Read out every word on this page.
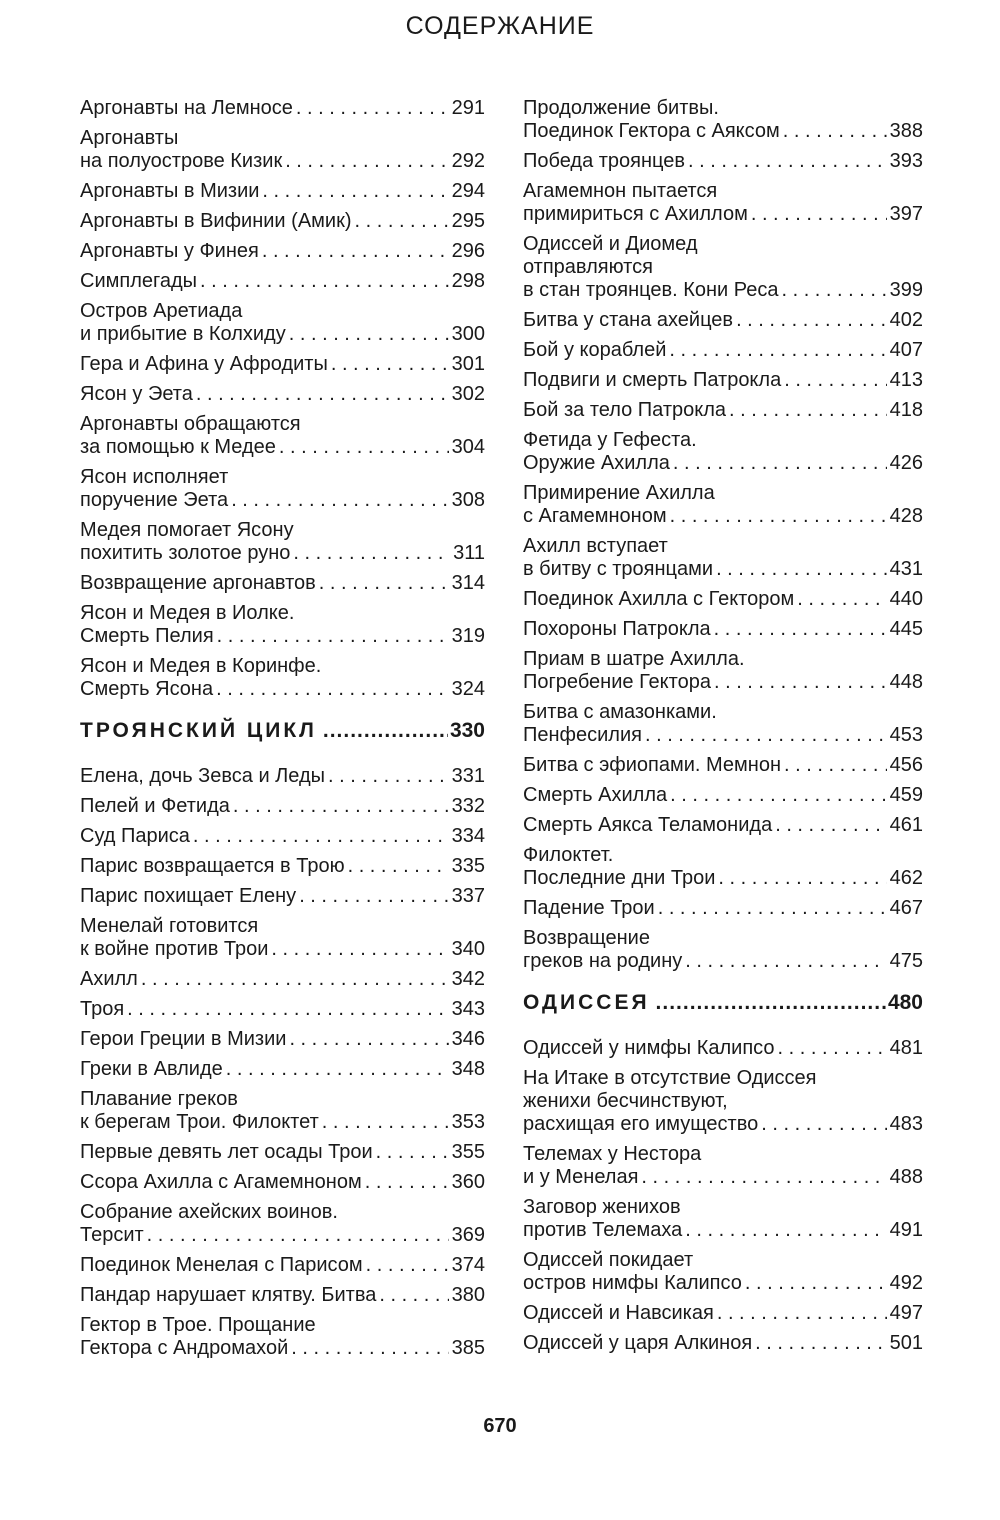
СОДЕРЖАНИЕ
Аргонавты на Лемносе . . .	291
Аргонавты
на полуострове Кизик . . .	292
Аргонавты в Мизии . . .	294
Аргонавты в Вифинии (Амик) . . .	295
Аргонавты у Финея . . .	296
Симплегады . . .	298
Остров Аретиада
и прибытие в Колхиду . . .	300
Гера и Афина у Афродиты . . .	301
Ясон у Эета . . .	302
Аргонавты обращаются
за помощью к Медее . . .	304
Ясон исполняет
поручение Эета . . .	308
Медея помогает Ясону
похитить золотое руно . . .	311
Возвращение аргонавтов . . .	314
Ясон и Медея в Иолке.
Смерть Пелия . . .	319
Ясон и Медея в Коринфе.
Смерть Ясона . . .	324
ТРОЯНСКИЙ ЦИКЛ .....	330
Елена, дочь Зевса и Леды . . .	331
Пелей и Фетида . . .	332
Суд Париса . . .	334
Парис возвращается в Трою . . .	335
Парис похищает Елену . . .	337
Менелай готовится
к войне против Трои . . .	340
Ахилл . . .	342
Троя . . .	343
Герои Греции в Мизии . . .	346
Греки в Авлиде . . .	348
Плавание греков
к берегам Трои. Филоктет . . .	353
Первые девять лет осады Трои . . .	355
Ссора Ахилла с Агамемноном . . .	360
Собрание ахейских воинов.
Терсит . . .	369
Поединок Менелая с Парисом . . .	374
Пандар нарушает клятву. Битва . . .	380
Гектор в Трое. Прощание
Гектора с Андромахой . . .	385
Продолжение битвы.
Поединок Гектора с Аяксом . . .	388
Победа троянцев . . .	393
Агамемнон пытается
примириться с Ахиллом . . .	397
Одиссей и Диомед
отправляются
в стан троянцев. Кони Реса . . .	399
Битва у стана ахейцев . . .	402
Бой у кораблей . . .	407
Подвиги и смерть Патрокла . . .	413
Бой за тело Патрокла . . .	418
Фетида у Гефеста.
Оружие Ахилла . . .	426
Примирение Ахилла
с Агамемноном . . .	428
Ахилл вступает
в битву с троянцами . . .	431
Поединок Ахилла с Гектором . . .	440
Похороны Патрокла . . .	445
Приам в шатре Ахилла.
Погребение Гектора . . .	448
Битва с амазонками.
Пенфесилия . . .	453
Битва с эфиопами. Мемнон . . .	456
Смерть Ахилла . . .	459
Смерть Аякса Теламонида . . .	461
Филоктет.
Последние дни Трои . . .	462
Падение Трои . . .	467
Возвращение
греков на родину . . .	475
ОДИССЕЯ .....	480
Одиссей у нимфы Калипсо . . .	481
На Итаке в отсутствие Одиссея
женихи бесчинствуют,
расхищая его имущество . . .	483
Телемах у Нестора
и у Менелая . . .	488
Заговор женихов
против Телемаха . . .	491
Одиссей покидает
остров нимфы Калипсо . . .	492
Одиссей и Навсикая . . .	497
Одиссей у царя Алкиноя . . .	501
670
